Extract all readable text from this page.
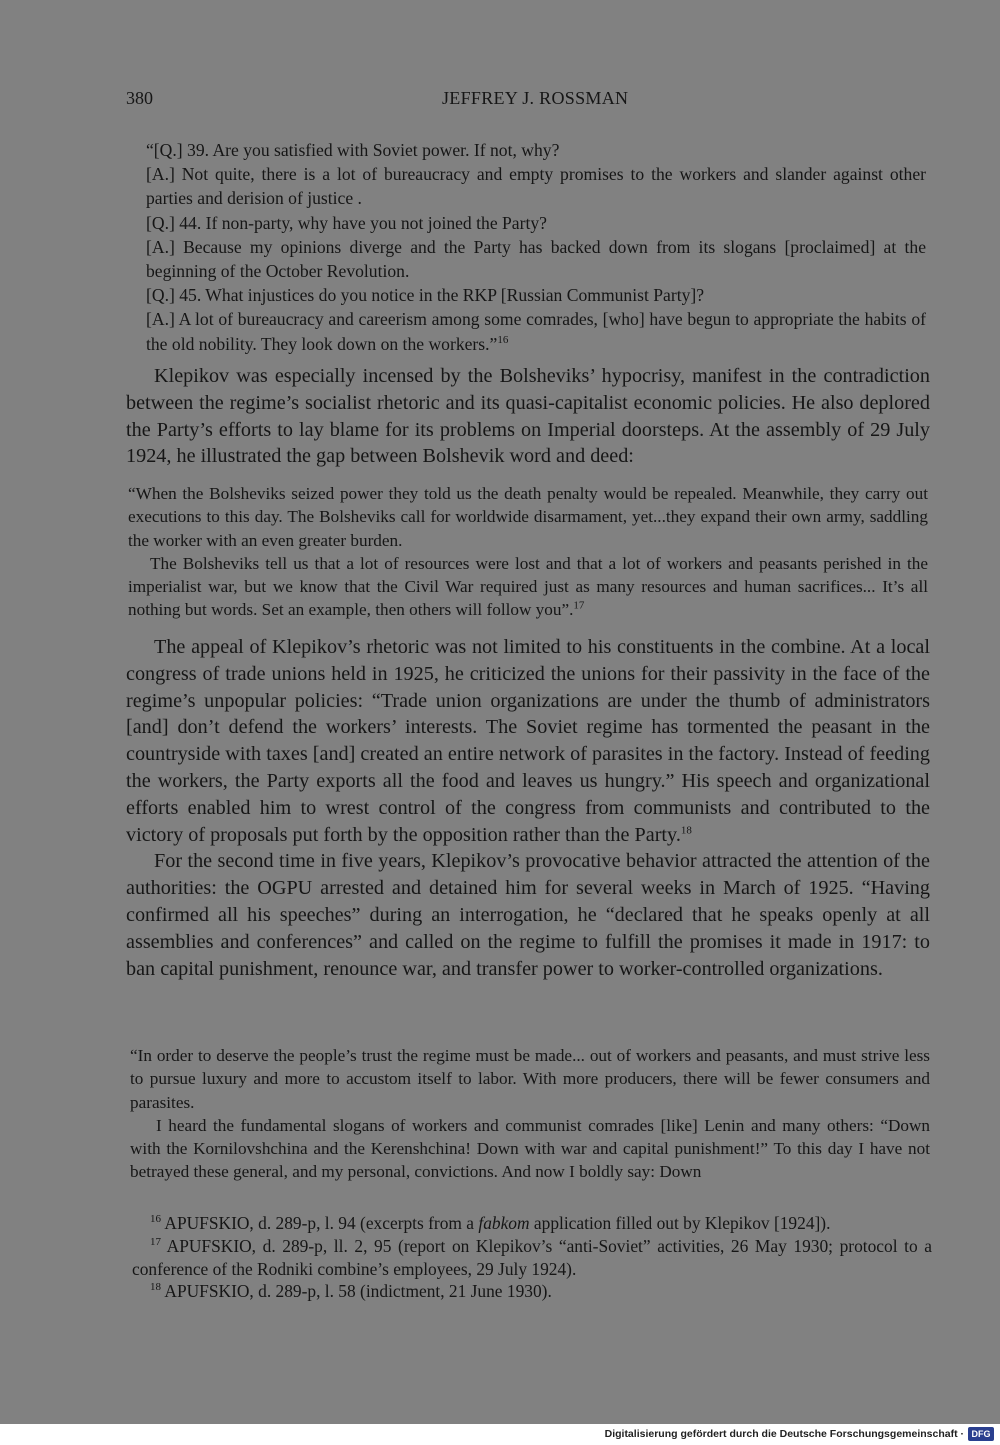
380	JEFFREY J. ROSSMAN

“[Q.] 39. Are you satisfied with Soviet power. If not, why?

[A.] Not quite, there is a lot of bureaucracy and empty promises to the workers and slander against other parties and derision of justice .

[Q.] 44. If non-party, why have you not joined the Party?

[A.] Because my opinions diverge and the Party has backed down from its slogans [proclaimed] at the beginning of the October Revolution.

[Q.] 45. What injustices do you notice in the RKP [Russian Communist Party]?

[A.] A lot of bureaucracy and careerism among some comrades, [who] have begun to appropriate the habits of the old nobility. They look down on the workers.”$^{16}$

Klepikov was especially incensed by the Bolsheviks’ hypocrisy, manifest in the contradiction between the regime’s socialist rhetoric and its quasi-capitalist economic policies. He also deplored the Party’s efforts to lay blame for its problems on Imperial doorsteps. At the assembly of 29 July 1924, he illustrated the gap between Bolshevik word and deed:

“When the Bolsheviks seized power they told us the death penalty would be repealed. Meanwhile, they carry out executions to this day. The Bolsheviks call for worldwide disarmament, yet...they expand their own army, saddling the worker with an even greater burden.

The Bolsheviks tell us that a lot of resources were lost and that a lot of workers and peasants perished in the imperialist war, but we know that the Civil War required just as many resources and human sacrifices... It’s all nothing but words. Set an example, then others will follow you”.$^{17}$

The appeal of Klepikov’s rhetoric was not limited to his constituents in the combine. At a local congress of trade unions held in 1925, he criticized the unions for their passivity in the face of the regime’s unpopular policies: “Trade union organizations are under the thumb of administrators [and] don’t defend the workers’ interests. The Soviet regime has tormented the peasant in the countryside with taxes [and] created an entire network of parasites in the factory. Instead of feeding the workers, the Party exports all the food and leaves us hungry.” His speech and organizational efforts enabled him to wrest control of the congress from communists and contributed to the victory of proposals put forth by the opposition rather than the Party.$^{18}$

For the second time in five years, Klepikov’s provocative behavior attracted the attention of the authorities: the OGPU arrested and detained him for several weeks in March of 1925. “Having confirmed all his speeches” during an interrogation, he “declared that he speaks openly at all assemblies and conferences” and called on the regime to fulfill the promises it made in 1917: to ban capital punishment, renounce war, and transfer power to worker-controlled organizations.

“In order to deserve the people’s trust the regime must be made... out of workers and peasants, and must strive less to pursue luxury and more to accustom itself to labor. With more producers, there will be fewer consumers and parasites.

I heard the fundamental slogans of workers and communist comrades [like] Lenin and many others: “Down with the Kornilovshchina and the Kerenshchina! Down with war and capital punishment!” To this day I have not betrayed these general, and my personal, convictions. And now I boldly say: Down

$^{16}$ APUFSKIO, d. 289-p, l. 94 (excerpts from a fabkom application filled out by Klepikov [1924]).

$^{17}$ APUFSKIO, d. 289-p, ll. 2, 95 (report on Klepikov’s “anti-Soviet” activities, 26 May 1930; protocol to a conference of the Rodniki combine’s employees, 29 July 1924).

$^{18}$ APUFSKIO, d. 289-p, l. 58 (indictment, 21 June 1930).

Digitalisierung gefördert durch die Deutsche Forschungsgemeinschaft · DFG
